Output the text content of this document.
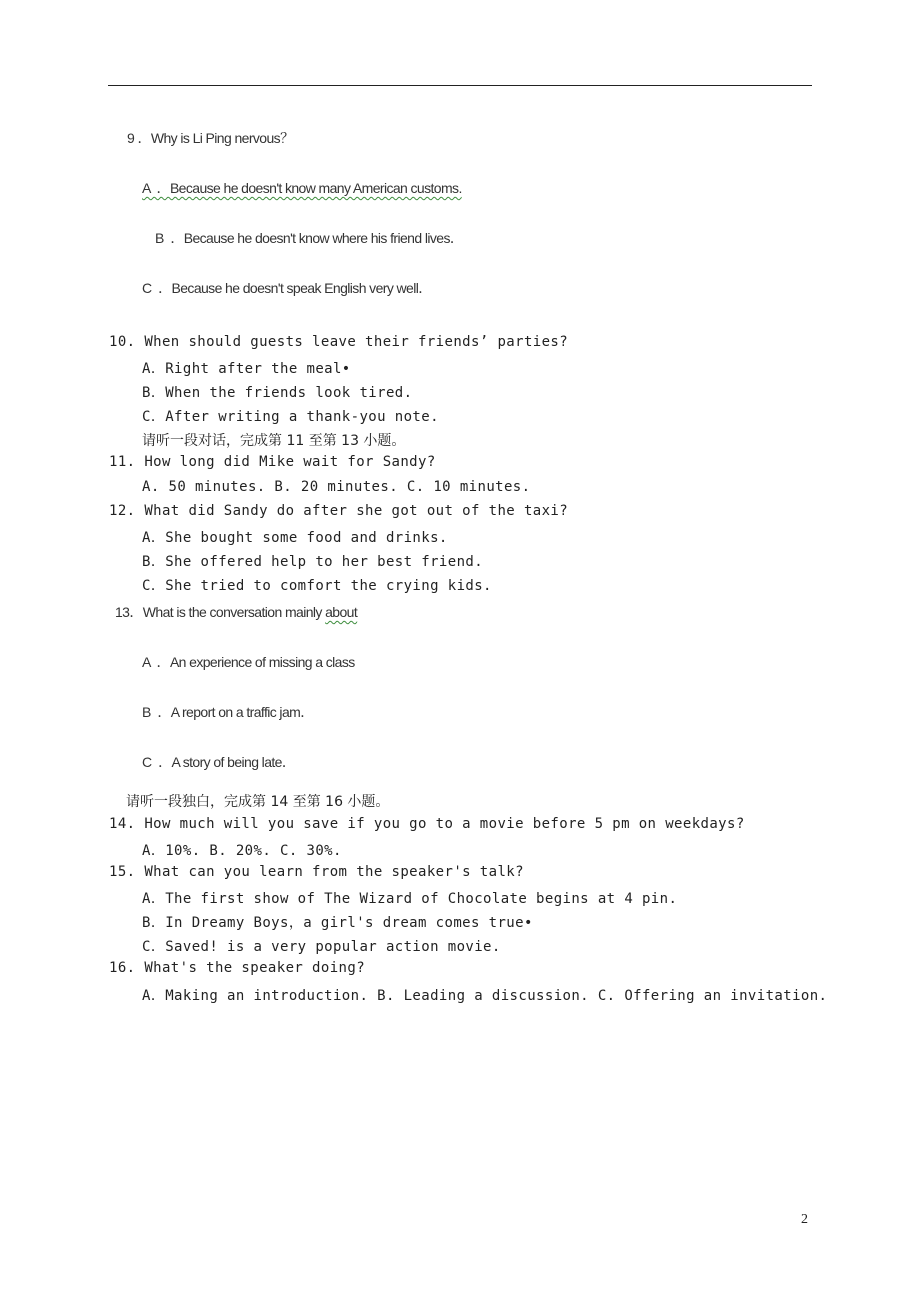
9 ．Why is Li Ping nervous？
A  ．Because he doesn't know many American customs.
B  ．Because he doesn't know where his friend lives．
C  ．Because he doesn't speak English very well．
10. When should guests leave their friends’ parties?
A．Right after the meal•
B．When the friends look tired.
C．After writing a thank-you note.
请听一段对话，完成第 11 至第 13 小题。
11. How long did Mike wait for Sandy?
A. 50 minutes. B. 20 minutes. C. 10 minutes.
12. What did Sandy do after she got out of the taxi?
A．She bought some food and drinks.
B．She offered help to her best friend.
C．She tried to comfort the crying kids.
13．What is the conversation mainly about
A  ．An experience of missing a class
B  ．A report on a traffic jam．
C  ．A story of being late．
请听一段独白，完成第 14 至第 16 小题。
14. How much will you save if you go to a movie before 5 pm on weekdays?
A．10%. B. 20%. C. 30%.
15. What can you learn from the speaker's talk?
A．The first show of The Wizard of Chocolate begins at 4 pin.
B．In Dreamy Boys，a girl's dream comes true•
C．Saved! is a very popular action movie.
16. What's the speaker doing?
A．Making an introduction. B. Leading a discussion. C. Offering an invitation.
2
